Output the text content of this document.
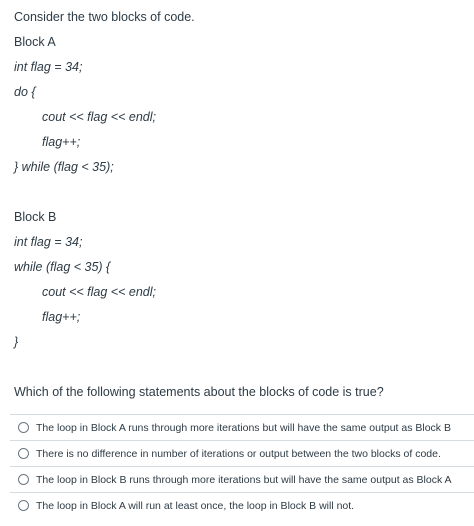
Consider the two blocks of code.
Block A
int flag = 34;
do {
cout << flag << endl;
flag++;
} while (flag < 35);
Block B
int flag = 34;
while (flag < 35) {
cout << flag << endl;
flag++;
}
Which of the following statements about the blocks of code is true?
The loop in Block A runs through more iterations but will have the same output as Block B
There is no difference in number of iterations or output between the two blocks of code.
The loop in Block B runs through more iterations but will have the same output as Block A
The loop in Block A will run at least once, the loop in Block B will not.
